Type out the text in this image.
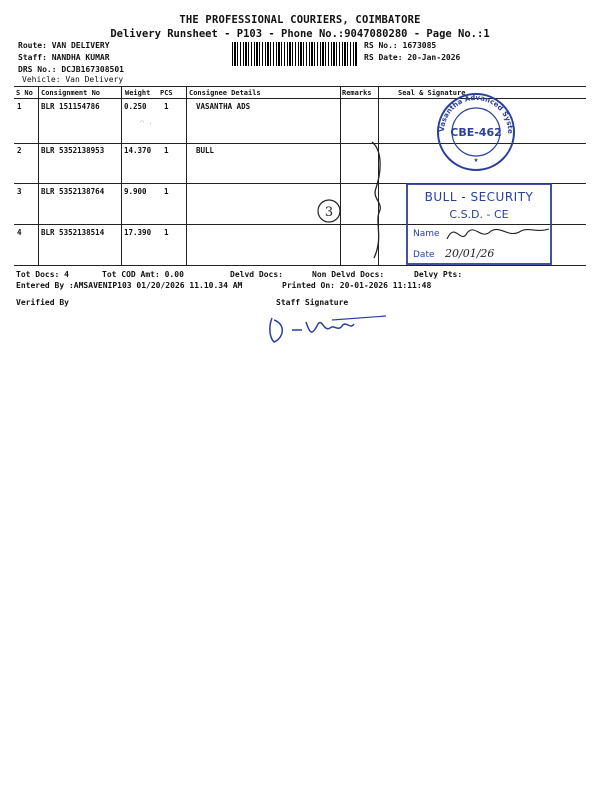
THE PROFESSIONAL COURIERS, COIMBATORE
Delivery Runsheet - P103 - Phone No.:9047080280 - Page No.:1
Route: VAN DELIVERY
Staff: NANDHA KUMAR
DRS No.: DCJB167308501
Vehicle: Van Delivery
RS No.: 1673085
RS Date: 20-Jan-2026
S No Consignment No	Weight PCS Consignee Details	Remarks	Seal & Signature
1	BLR 151154786	0.250 1	VASANTHA ADS
2	BLR 5352138953	14.370 1	BULL
3	BLR 5352138764	9.900 1
4	BLR 5352138514	17.390 1
Vasantha Advanced Syste
CBE-462
★
⌒ .
3
BULL - SECURITY
C.S.D. - CE
Name
Date 20/01/26
Tot Docs: 4	Tot COD Amt: 0.00	Delvd Docs:	Non Delvd Docs:	Delvy Pts:
Entered By :AMSAVENIP103 01/20/2026 11.10.34 AM	Printed On: 20-01-2026 11:11:48
Verified By	Staff Signature
